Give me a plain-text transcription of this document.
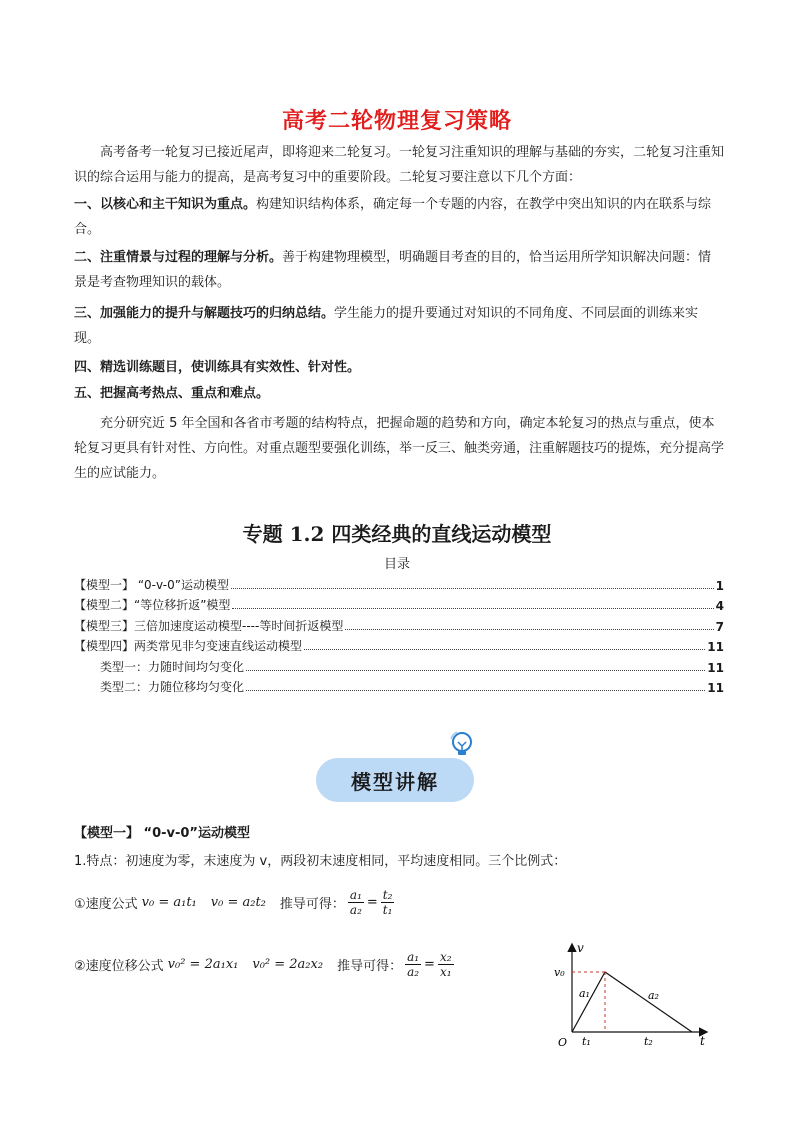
高考二轮物理复习策略

高考备考一轮复习已接近尾声，即将迎来二轮复习。一轮复习注重知识的理解与基础的夯实，二轮复习注重知识的综合运用与能力的提高，是高考复习中的重要阶段。二轮复习要注意以下几个方面：

一、以核心和主干知识为重点。构建知识结构体系，确定每一个专题的内容，在教学中突出知识的内在联系与综合。

二、注重情景与过程的理解与分析。善于构建物理模型，明确题目考查的目的，恰当运用所学知识解决问题：情景是考查物理知识的载体。

三、加强能力的提升与解题技巧的归纳总结。学生能力的提升要通过对知识的不同角度、不同层面的训练来实现。

四、精选训练题目，使训练具有实效性、针对性。

五、把握高考热点、重点和难点。

充分研究近 5 年全国和各省市考题的结构特点，把握命题的趋势和方向，确定本轮复习的热点与重点，使本轮复习更具有针对性、方向性。对重点题型要强化训练，举一反三、触类旁通，注重解题技巧的提炼，充分提高学生的应试能力。

专题 1.2 四类经典的直线运动模型
目录
【模型一】 “0-v-0”运动模型	1
【模型二】“等位移折返”模型	4
【模型三】三倍加速度运动模型----等时间折返模型	7
【模型四】两类常见非匀变速直线运动模型	11
类型一：力随时间均匀变化	11
类型二：力随位移均匀变化	11
模型讲解
【模型一】 “0-v-0”运动模型
1.特点：初速度为零，末速度为 v，两段初末速度相同，平均速度相同。三个比例式：
①速度公式 v₀ = a₁t₁ v₀ = a₂t₂ 推导可得： $\frac{\text{a₁}}{\text{a₂}} = \frac{\text{t₂}}{\text{t₁}}$
②速度位移公式 v₀² = 2a₁x₁ v₀² = 2a₂x₂ 推导可得： $\frac{\text{a₁}}{\text{a₂}} = \frac{\text{x₂}}{\text{x₁}}$
v
t
O
v₀
a₁	a₂
t₁	t₂
